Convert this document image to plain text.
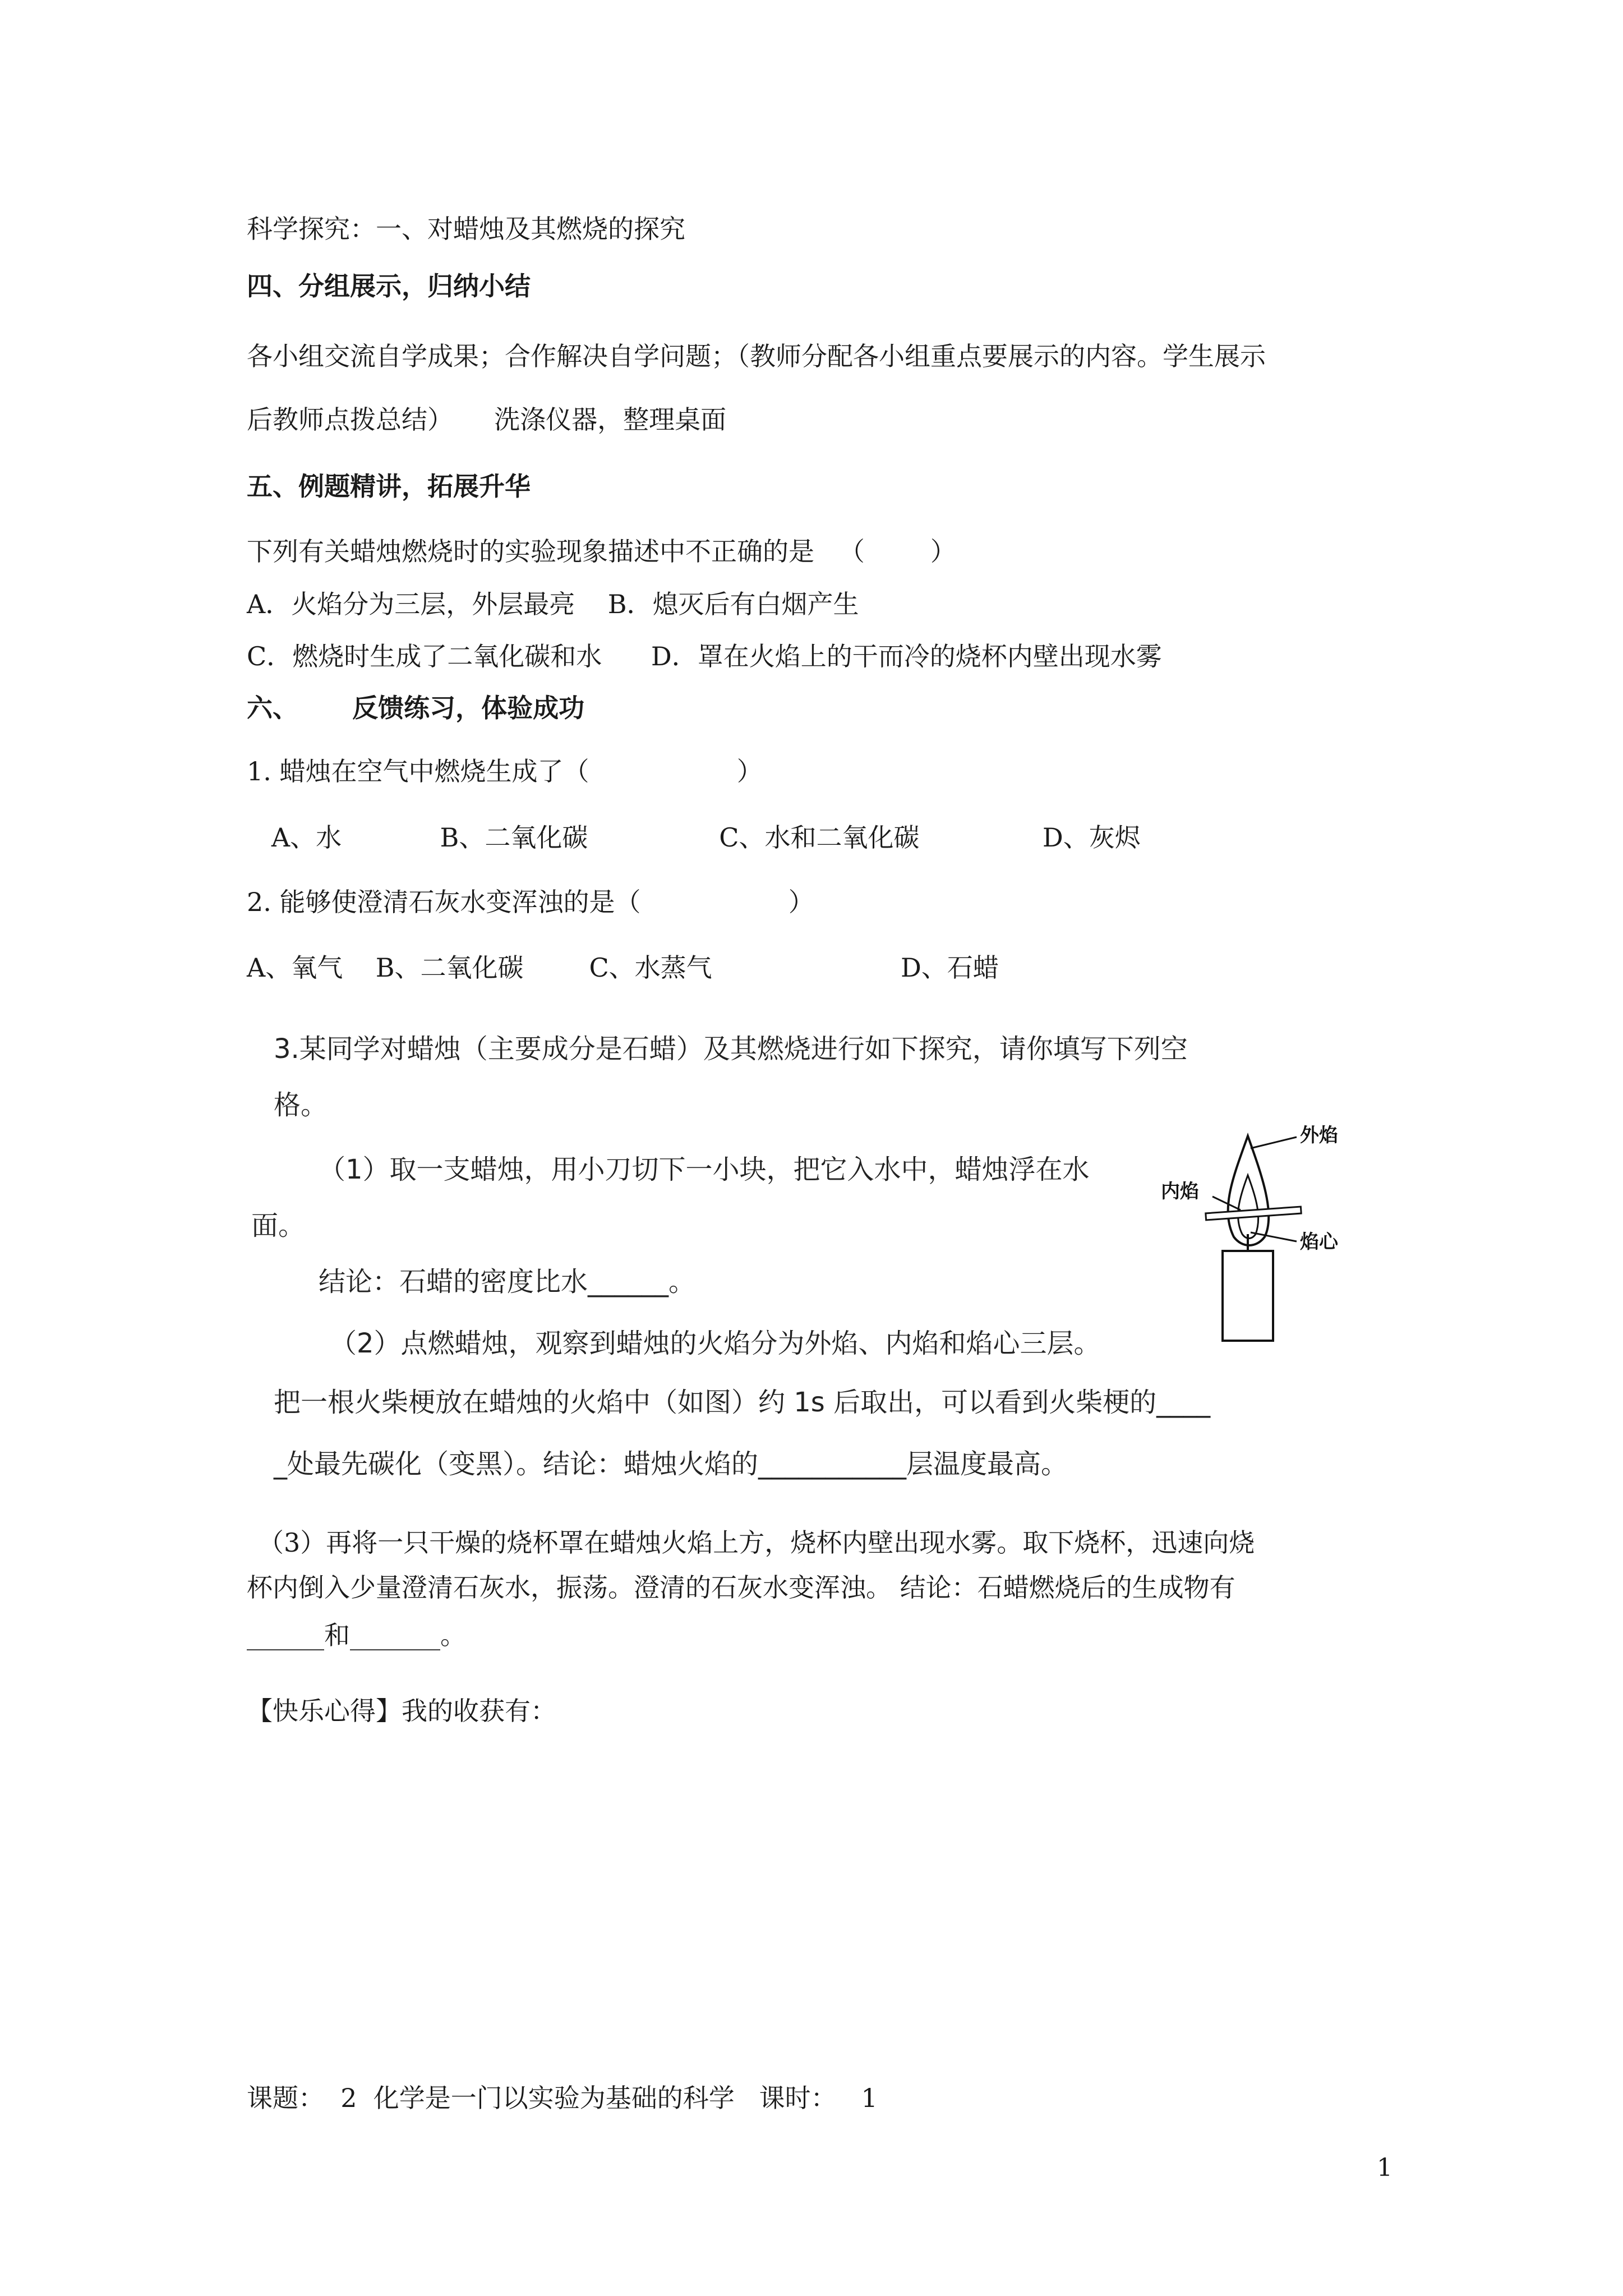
科学探究：一、对蜡烛及其燃烧的探究

四、分组展示，归纳小结

各小组交流自学成果；合作解决自学问题；（教师分配各小组重点要展示的内容。学生展示

后教师点拨总结）     洗涤仪器，整理桌面

五、例题精讲，拓展升华

下列有关蜡烛燃烧时的实验现象描述中不正确的是   （        ）

A．火焰分为三层，外层最亮    B．熄灭后有白烟产生

C．燃烧时生成了二氧化碳和水      D．罩在火焰上的干而冷的烧杯内壁出现水雾

六、      反馈练习，体验成功

1. 蜡烛在空气中燃烧生成了（                  ）

A、水            B、二氧化碳                C、水和二氧化碳               D、灰烬

2. 能够使澄清石灰水变浑浊的是（                  ）

A、氧气    B、二氧化碳        C、水蒸气                       D、石蜡

3.某同学对蜡烛（主要成分是石蜡）及其燃烧进行如下探究，请你填写下列空

格。

（1）取一支蜡烛，用小刀切下一小块，把它入水中，蜡烛浮在水

面。

结论：石蜡的密度比水______。

（2）点燃蜡烛，观察到蜡烛的火焰分为外焰、内焰和焰心三层。

把一根火柴梗放在蜡烛的火焰中（如图）约 1s 后取出，可以看到火柴梗的____

_处最先碳化（变黑）。结论：蜡烛火焰的___________层温度最高。

（3）再将一只干燥的烧杯罩在蜡烛火焰上方，烧杯内壁出现水雾。取下烧杯，迅速向烧

杯内倒入少量澄清石灰水，振荡。澄清的石灰水变浑浊。 结论：石蜡燃烧后的生成物有

______和_______。

【快乐心得】我的收获有：

课题：  2  化学是一门以实验为基础的科学   课时：   1

1

外焰
内焰
焰心
